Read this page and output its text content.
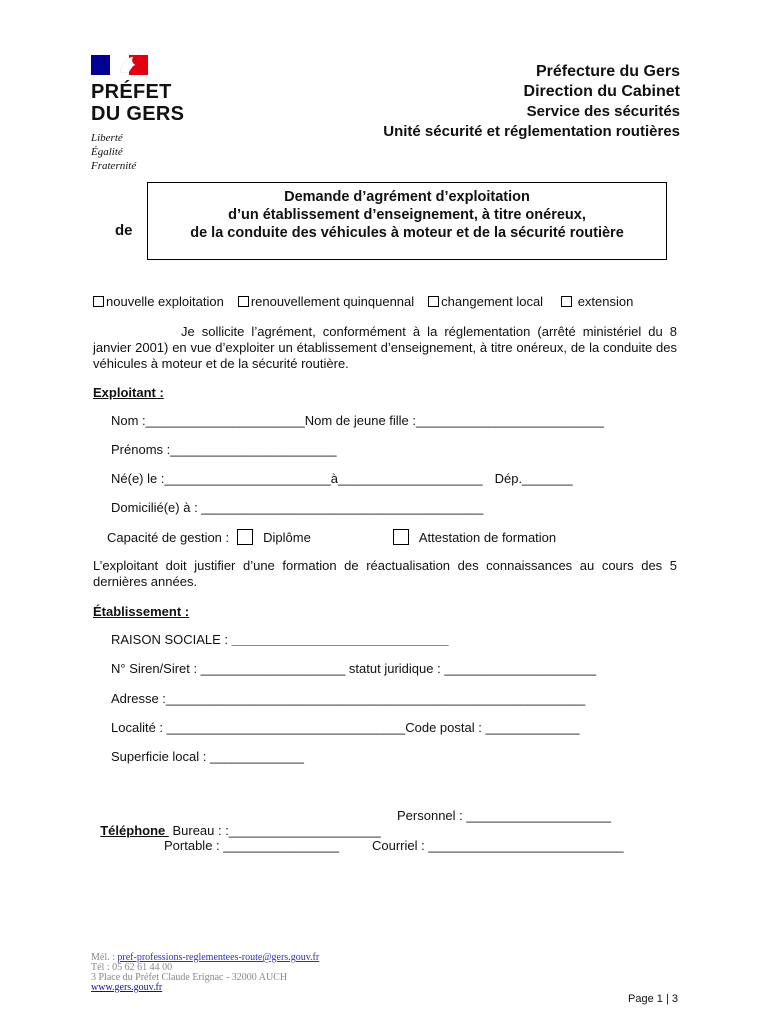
PRÉFET
DU GERS
Liberté
Égalité
Fraternité
Préfecture du Gers
Direction du Cabinet
Service des sécurités
Unité sécurité et réglementation routières
de
Demande d’agrément d’exploitation
d’un établissement d’enseignement, à titre onéreux,
de la conduite des véhicules à moteur et de la sécurité routière
nouvelle exploitation renouvellement quinquennal changement local extension
Je sollicite l’agrément, conformément à la réglementation (arrêté ministériel du 8 janvier 2001) en vue d’exploiter un établissement d’enseignement, à titre onéreux, de la conduite des véhicules à moteur et de la sécurité routière.
Exploitant :
Nom :______________________Nom de jeune fille :__________________________
Prénoms :_______________________
Né(e) le :_______________________à____________________ Dép._______
Domicilié(e) à : _______________________________________
Capacité de gestion :	Diplôme	Attestation de formation
L’exploitant doit justifier d’une formation de réactualisation des connaissances au cours des 5 dernières années.
Établissement :
RAISON SOCIALE : ______________________________
N° Siren/Siret : ____________________ statut juridique : _____________________
Adresse :__________________________________________________________
Localité : _________________________________Code postal : _____________
Superficie local : _____________

Téléphone  Bureau : :_____________________

Personnel : ____________________
Portable : ________________	Courriel : ___________________________
Mél. : pref-professions-reglementees-route@gers.gouv.fr
Tél : 05 62 61 44 00
3 Place du Préfet Claude Erignac - 32000 AUCH
www.gers.gouv.fr
Page 1 | 3
